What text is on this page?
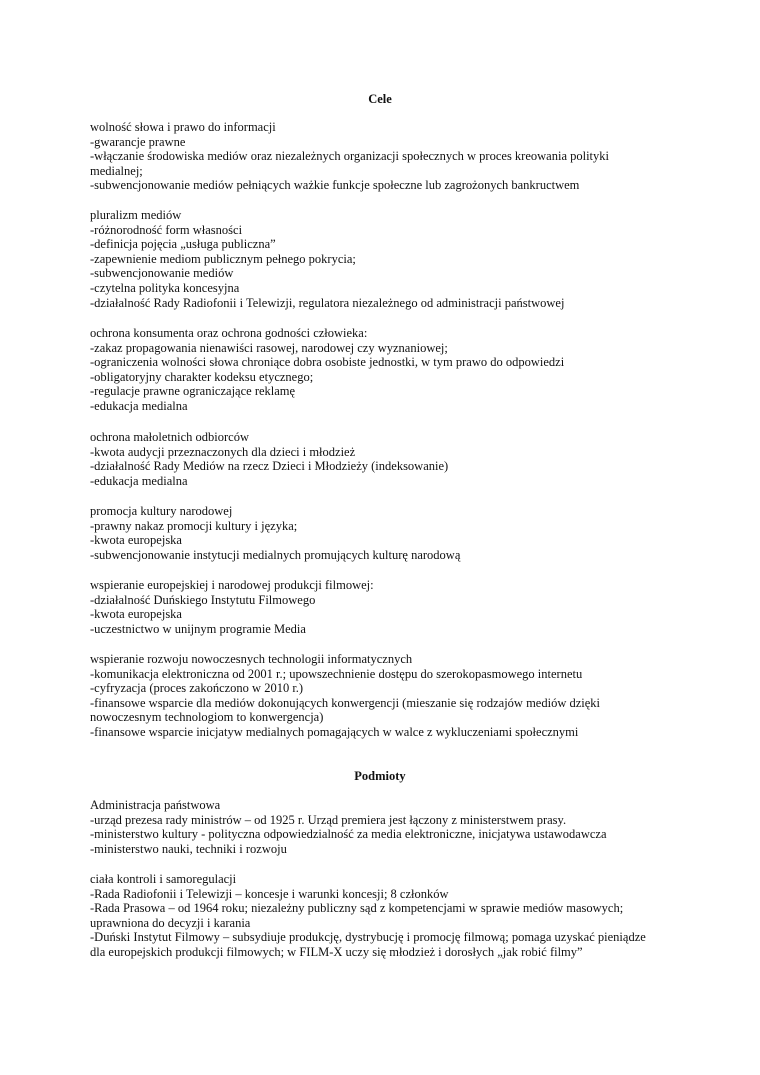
Cele
wolność słowa i prawo do informacji
-gwarancje prawne
-włączanie środowiska mediów oraz niezależnych organizacji społecznych w proces kreowania polityki
medialnej;
-subwencjonowanie mediów pełniących ważkie funkcje społeczne lub zagrożonych bankructwem
pluralizm mediów
-różnorodność form własności
-definicja pojęcia „usługa publiczna”
-zapewnienie mediom publicznym pełnego pokrycia;
-subwencjonowanie mediów
-czytelna polityka koncesyjna
-działalność Rady Radiofonii i Telewizji, regulatora niezależnego od administracji państwowej
ochrona konsumenta oraz ochrona godności człowieka:
-zakaz propagowania nienawiści rasowej, narodowej czy wyznaniowej;
-ograniczenia wolności słowa chroniące dobra osobiste jednostki, w tym prawo do odpowiedzi
-obligatoryjny charakter kodeksu etycznego;
-regulacje prawne ograniczające reklamę
-edukacja medialna
ochrona małoletnich odbiorców
-kwota audycji przeznaczonych dla dzieci i młodzież
-działalność Rady Mediów na rzecz Dzieci i Młodzieży (indeksowanie)
-edukacja medialna
promocja kultury narodowej
-prawny nakaz promocji kultury i języka;
-kwota europejska
-subwencjonowanie instytucji medialnych promujących kulturę narodową
wspieranie europejskiej i narodowej produkcji filmowej:
-działalność Duńskiego Instytutu Filmowego
-kwota europejska
-uczestnictwo w unijnym programie Media
wspieranie rozwoju nowoczesnych technologii informatycznych
-komunikacja elektroniczna od 2001 r.; upowszechnienie dostępu do szerokopasmowego internetu
-cyfryzacja (proces zakończono w 2010 r.)
-finansowe wsparcie dla mediów dokonujących konwergencji (mieszanie się rodzajów mediów dzięki
nowoczesnym technologiom to konwergencja)
-finansowe wsparcie inicjatyw medialnych pomagających w walce z wykluczeniami społecznymi
Podmioty
Administracja państwowa
-urząd prezesa rady ministrów – od 1925 r. Urząd premiera jest łączony z ministerstwem prasy.
-ministerstwo kultury - polityczna odpowiedzialność za media elektroniczne, inicjatywa ustawodawcza
-ministerstwo nauki, techniki i rozwoju
ciała kontroli i samoregulacji
-Rada Radiofonii i Telewizji – koncesje i warunki koncesji; 8 członków
-Rada Prasowa – od 1964 roku; niezależny publiczny sąd z kompetencjami w sprawie mediów masowych;
uprawniona do decyzji i karania
-Duński Instytut Filmowy – subsydiuje produkcję, dystrybucję i promocję filmową; pomaga uzyskać pieniądze
dla europejskich produkcji filmowych; w FILM-X uczy się młodzież i dorosłych „jak robić filmy”
